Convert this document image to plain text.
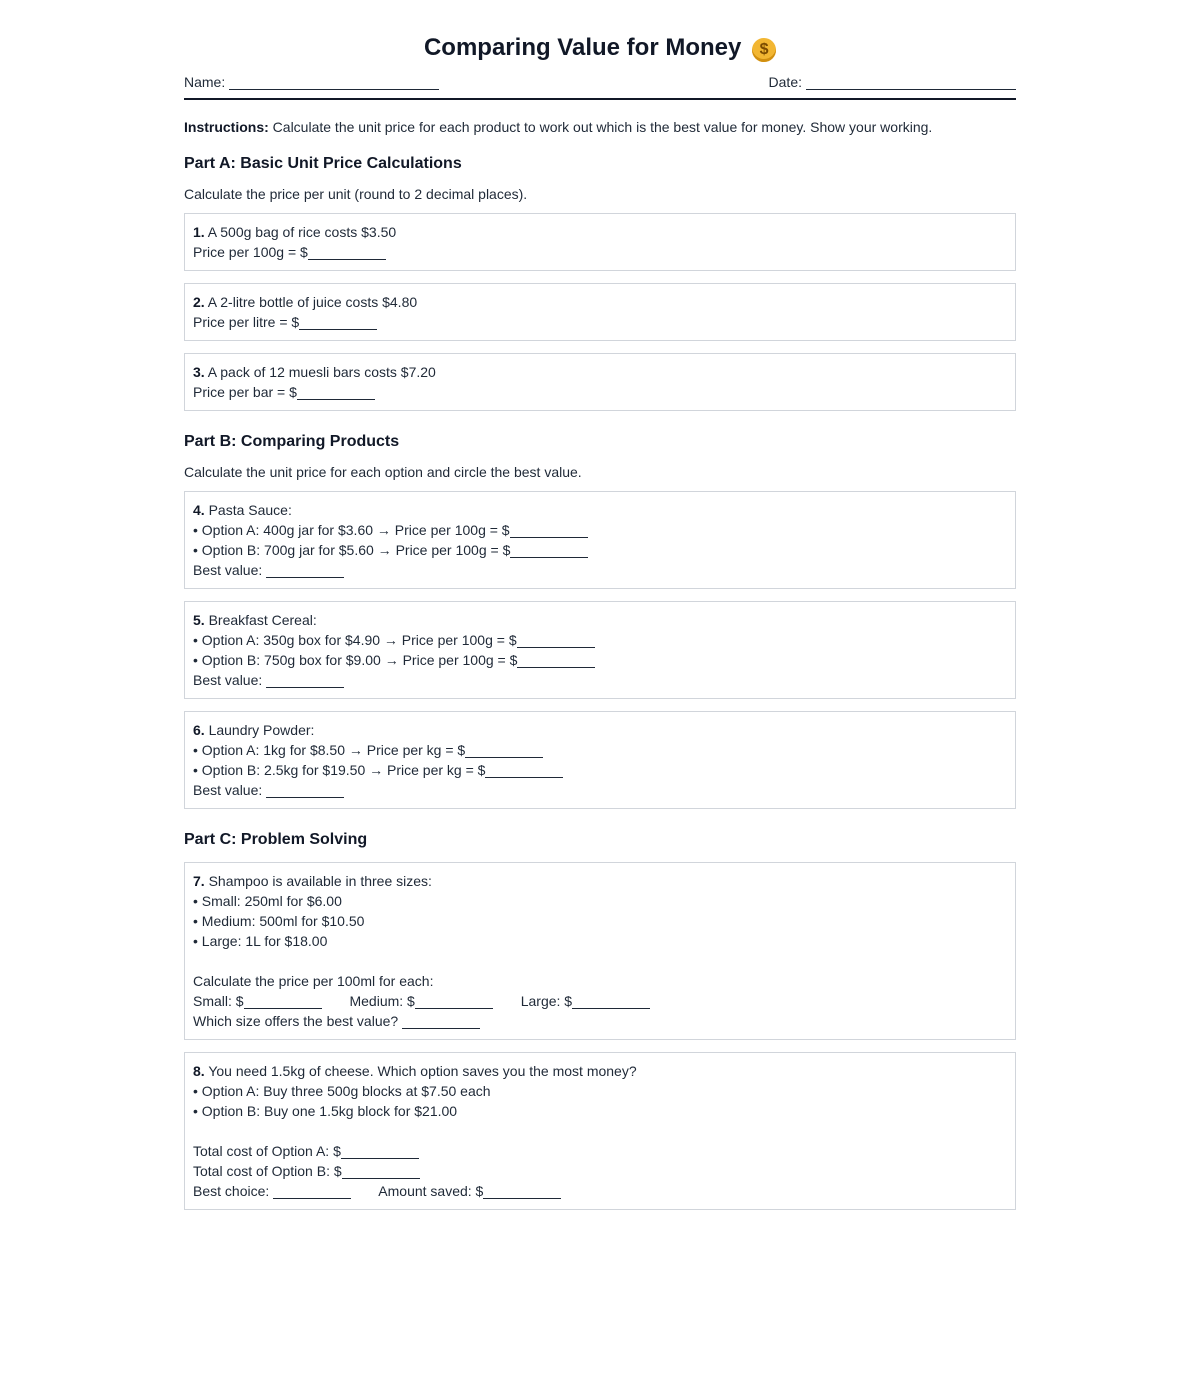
Comparing Value for Money $
Name:	Date:
Instructions: Calculate the unit price for each product to work out which is the best value for money. Show your working.
Part A: Basic Unit Price Calculations
Calculate the price per unit (round to 2 decimal places).
1. A 500g bag of rice costs $3.50
Price per 100g = $
2. A 2-litre bottle of juice costs $4.80
Price per litre = $
3. A pack of 12 muesli bars costs $7.20
Price per bar = $
Part B: Comparing Products
Calculate the unit price for each option and circle the best value.
4. Pasta Sauce:
• Option A: 400g jar for $3.60 → Price per 100g = $
• Option B: 700g jar for $5.60 → Price per 100g = $
Best value:
5. Breakfast Cereal:
• Option A: 350g box for $4.90 → Price per 100g = $
• Option B: 750g box for $9.00 → Price per 100g = $
Best value:
6. Laundry Powder:
• Option A: 1kg for $8.50 → Price per kg = $
• Option B: 2.5kg for $19.50 → Price per kg = $
Best value:
Part C: Problem Solving
7. Shampoo is available in three sizes:
• Small: 250ml for $6.00
• Medium: 500ml for $10.50
• Large: 1L for $18.00
Calculate the price per 100ml for each:
Small: $	Medium: $	Large: $
Which size offers the best value?
8. You need 1.5kg of cheese. Which option saves you the most money?
• Option A: Buy three 500g blocks at $7.50 each
• Option B: Buy one 1.5kg block for $21.00
Total cost of Option A: $
Total cost of Option B: $
Best choice:	Amount saved: $
